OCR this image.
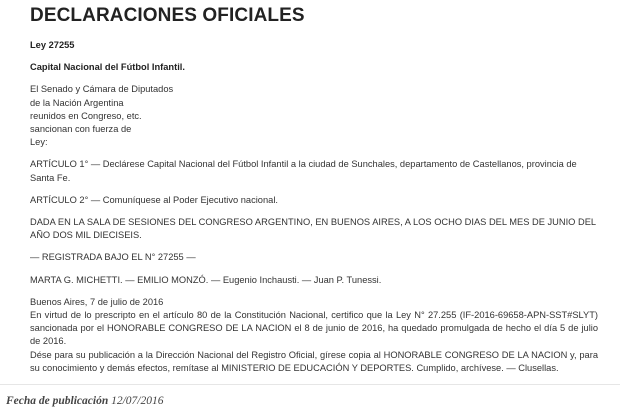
DECLARACIONES OFICIALES

Ley 27255

Capital Nacional del Fútbol Infantil.

El Senado y Cámara de Diputados
de la Nación Argentina
reunidos en Congreso, etc.
sancionan con fuerza de
Ley:

ARTÍCULO 1° — Declárese Capital Nacional del Fútbol Infantil a la ciudad de Sunchales, departamento de Castellanos, provincia de Santa Fe.

ARTÍCULO 2° — Comuníquese al Poder Ejecutivo nacional.

DADA EN LA SALA DE SESIONES DEL CONGRESO ARGENTINO, EN BUENOS AIRES, A LOS OCHO DIAS DEL MES DE JUNIO DEL AÑO DOS MIL DIECISEIS.

— REGISTRADA BAJO EL N° 27255 —

MARTA G. MICHETTI. — EMILIO MONZÓ. — Eugenio Inchausti. — Juan P. Tunessi.

Buenos Aires, 7 de julio de 2016

En virtud de lo prescripto en el artículo 80 de la Constitución Nacional, certifico que la Ley N° 27.255 (IF-2016-69658-APN-SST#SLYT) sancionada por el HONORABLE CONGRESO DE LA NACION el 8 de junio de 2016, ha quedado promulgada de hecho el día 5 de julio de 2016.

Dése para su publicación a la Dirección Nacional del Registro Oficial, gírese copia al HONORABLE CONGRESO DE LA NACION y, para su conocimiento y demás efectos, remítase al MINISTERIO DE EDUCACIÓN Y DEPORTES. Cumplido, archívese. — Clusellas.

Fecha de publicación 12/07/2016
